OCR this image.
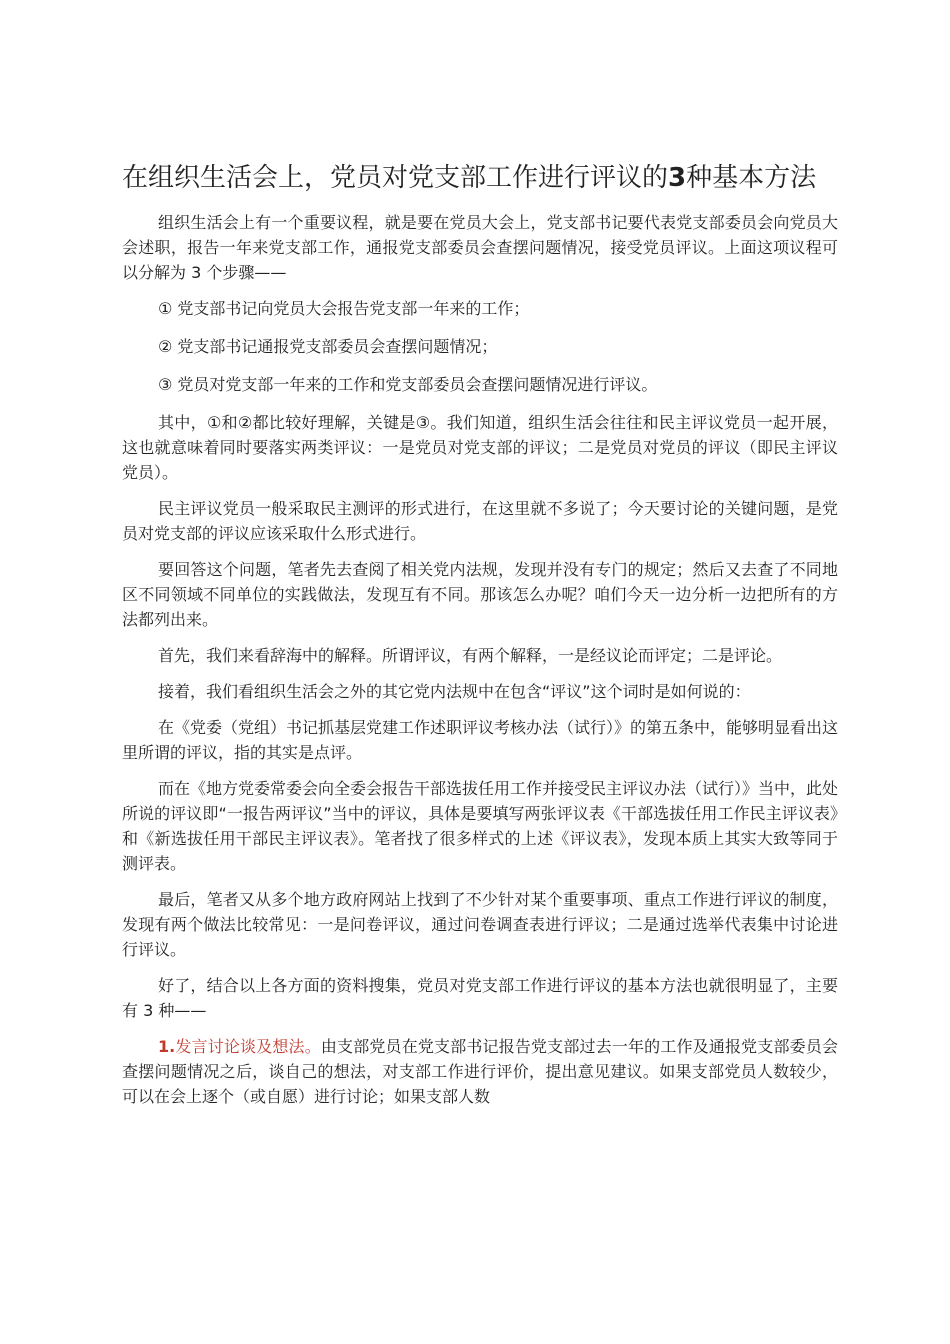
在组织生活会上，党员对党支部工作进行评议的3种基本方法

组织生活会上有一个重要议程，就是要在党员大会上，党支部书记要代表党支部委员会向党员大会述职，报告一年来党支部工作，通报党支部委员会查摆问题情况，接受党员评议。上面这项议程可以分解为 3 个步骤——

① 党支部书记向党员大会报告党支部一年来的工作；

② 党支部书记通报党支部委员会查摆问题情况；

③ 党员对党支部一年来的工作和党支部委员会查摆问题情况进行评议。

其中，①和②都比较好理解，关键是③。我们知道，组织生活会往往和民主评议党员一起开展，这也就意味着同时要落实两类评议：一是党员对党支部的评议；二是党员对党员的评议（即民主评议党员）。

民主评议党员一般采取民主测评的形式进行，在这里就不多说了；今天要讨论的关键问题，是党员对党支部的评议应该采取什么形式进行。

要回答这个问题，笔者先去查阅了相关党内法规，发现并没有专门的规定；然后又去查了不同地区不同领域不同单位的实践做法，发现互有不同。那该怎么办呢？咱们今天一边分析一边把所有的方法都列出来。

首先，我们来看辞海中的解释。所谓评议，有两个解释，一是经议论而评定；二是评论。

接着，我们看组织生活会之外的其它党内法规中在包含“评议”这个词时是如何说的：

在《党委（党组）书记抓基层党建工作述职评议考核办法（试行）》的第五条中，能够明显看出这里所谓的评议，指的其实是点评。

而在《地方党委常委会向全委会报告干部选拔任用工作并接受民主评议办法（试行）》当中，此处所说的评议即“一报告两评议”当中的评议，具体是要填写两张评议表《干部选拔任用工作民主评议表》和《新选拔任用干部民主评议表》。笔者找了很多样式的上述《评议表》，发现本质上其实大致等同于测评表。

最后，笔者又从多个地方政府网站上找到了不少针对某个重要事项、重点工作进行评议的制度，发现有两个做法比较常见：一是问卷评议，通过问卷调查表进行评议；二是通过选举代表集中讨论进行评议。

好了，结合以上各方面的资料搜集，党员对党支部工作进行评议的基本方法也就很明显了，主要有 3 种——

1.发言讨论谈及想法。由支部党员在党支部书记报告党支部过去一年的工作及通报党支部委员会查摆问题情况之后，谈自己的想法，对支部工作进行评价，提出意见建议。如果支部党员人数较少，可以在会上逐个（或自愿）进行讨论；如果支部人数
